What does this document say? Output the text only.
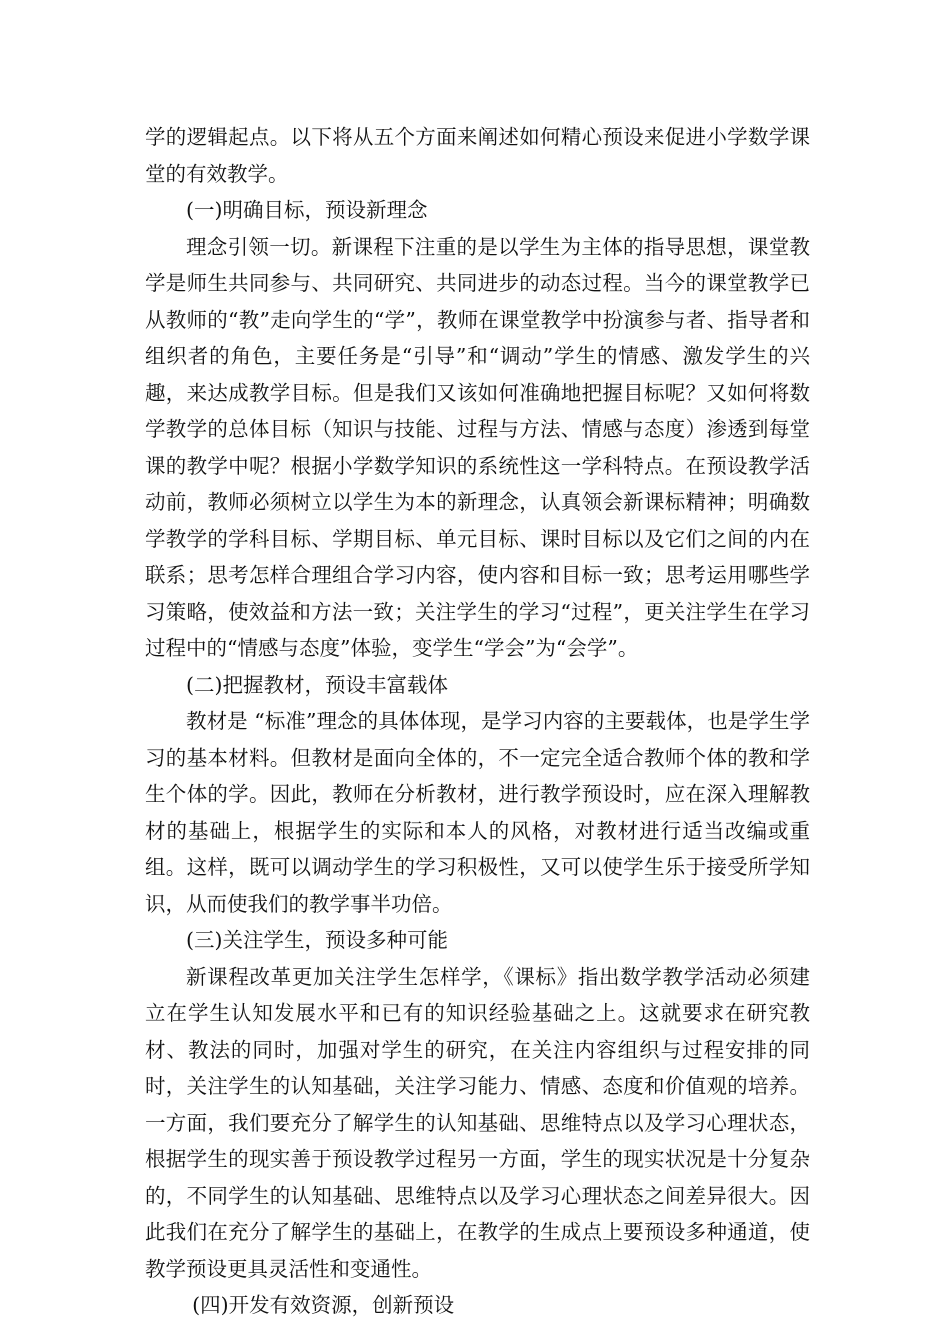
学的逻辑起点。以下将从五个方面来阐述如何精心预设来促进小学数学课堂的有效教学。

(一)明确目标，预设新理念

理念引领一切。新课程下注重的是以学生为主体的指导思想，课堂教学是师生共同参与、共同研究、共同进步的动态过程。当今的课堂教学已从教师的“教”走向学生的“学”，教师在课堂教学中扮演参与者、指导者和组织者的角色，主要任务是“引导”和“调动”学生的情感、激发学生的兴趣，来达成教学目标。但是我们又该如何准确地把握目标呢？又如何将数学教学的总体目标（知识与技能、过程与方法、情感与态度）渗透到每堂课的教学中呢？根据小学数学知识的系统性这一学科特点。在预设教学活动前，教师必须树立以学生为本的新理念，认真领会新课标精神；明确数学教学的学科目标、学期目标、单元目标、课时目标以及它们之间的内在联系；思考怎样合理组合学习内容，使内容和目标一致；思考运用哪些学习策略，使效益和方法一致；关注学生的学习“过程”，更关注学生在学习过程中的“情感与态度”体验，变学生“学会”为“会学”。

(二)把握教材，预设丰富载体

教材是 “标准”理念的具体体现，是学习内容的主要载体，也是学生学习的基本材料。但教材是面向全体的，不一定完全适合教师个体的教和学生个体的学。因此，教师在分析教材，进行教学预设时，应在深入理解教材的基础上，根据学生的实际和本人的风格，对教材进行适当改编或重组。这样，既可以调动学生的学习积极性，又可以使学生乐于接受所学知识，从而使我们的教学事半功倍。

(三)关注学生，预设多种可能

新课程改革更加关注学生怎样学，《课标》指出数学教学活动必须建立在学生认知发展水平和已有的知识经验基础之上。这就要求在研究教材、教法的同时，加强对学生的研究，在关注内容组织与过程安排的同时，关注学生的认知基础，关注学习能力、情感、态度和价值观的培养。一方面，我们要充分了解学生的认知基础、思维特点以及学习心理状态，根据学生的现实善于预设教学过程另一方面，学生的现实状况是十分复杂的，不同学生的认知基础、思维特点以及学习心理状态之间差异很大。因此我们在充分了解学生的基础上，在教学的生成点上要预设多种通道，使教学预设更具灵活性和变通性。

(四)开发有效资源，创新预设
